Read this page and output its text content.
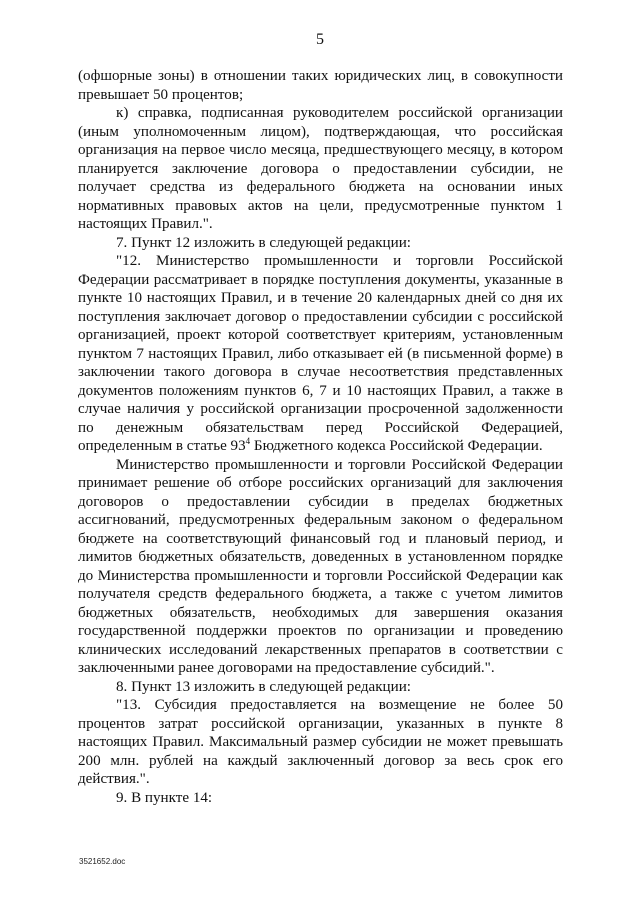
5

(офшорные зоны) в отношении таких юридических лиц, в совокупности превышает 50 процентов;

к) справка, подписанная руководителем российской организации (иным уполномоченным лицом), подтверждающая, что российская организация на первое число месяца, предшествующего месяцу, в котором планируется заключение договора о предоставлении субсидии, не получает средства из федерального бюджета на основании иных нормативных правовых актов на цели, предусмотренные пунктом 1 настоящих Правил.".

7. Пункт 12 изложить в следующей редакции:

"12. Министерство промышленности и торговли Российской Федерации рассматривает в порядке поступления документы, указанные в пункте 10 настоящих Правил, и в течение 20 календарных дней со дня их поступления заключает договор о предоставлении субсидии с российской организацией, проект которой соответствует критериям, установленным пунктом 7 настоящих Правил, либо отказывает ей (в письменной форме) в заключении такого договора в случае несоответствия представленных документов положениям пунктов 6, 7 и 10 настоящих Правил, а также в случае наличия у российской организации просроченной задолженности по денежным обязательствам перед Российской Федерацией, определенным в статье $93^4$ Бюджетного кодекса Российской Федерации.

Министерство промышленности и торговли Российской Федерации принимает решение об отборе российских организаций для заключения договоров о предоставлении субсидии в пределах бюджетных ассигнований, предусмотренных федеральным законом о федеральном бюджете на соответствующий финансовый год и плановый период, и лимитов бюджетных обязательств, доведенных в установленном порядке до Министерства промышленности и торговли Российской Федерации как получателя средств федерального бюджета, а также с учетом лимитов бюджетных обязательств, необходимых для завершения оказания государственной поддержки проектов по организации и проведению клинических исследований лекарственных препаратов в соответствии с заключенными ранее договорами на предоставление субсидий.".

8. Пункт 13 изложить в следующей редакции:

"13. Субсидия предоставляется на возмещение не более 50 процентов затрат российской организации, указанных в пункте 8 настоящих Правил. Максимальный размер субсидии не может превышать 200 млн. рублей на каждый заключенный договор за весь срок его действия.".

9. В пункте 14:

3521652.doc
